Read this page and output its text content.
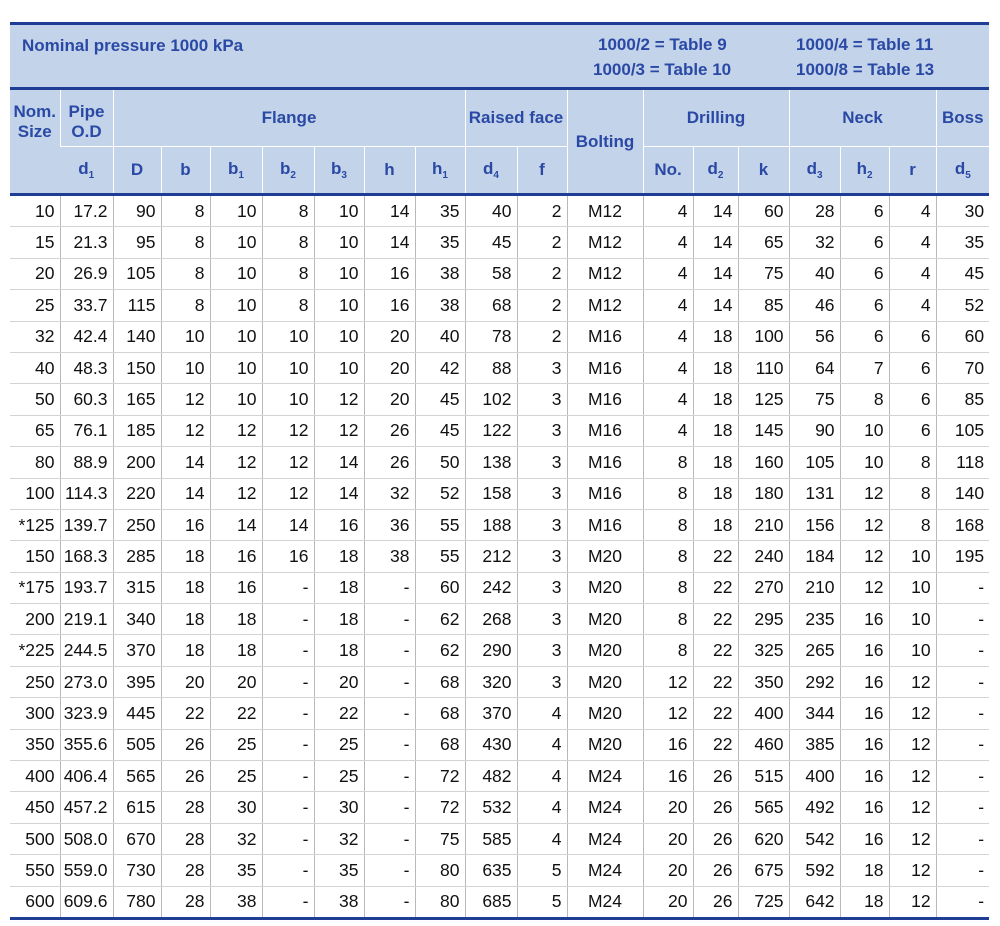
Nominal pressure 1000 kPa	1000/2 = Table 9
1000/3 = Table 10
1000/4 = Table 11
1000/8 = Table 13
Nom. Size	Pipe O.D	Flange							Raised face		Bolting	Drilling			Neck			Boss
	$d_1$	D	b	$b_1$	$b_2$	$b_3$	h	$h_1$	$d_4$	f		No.	$d_2$	k	$d_3$	$h_2$	r	$d_5$
10	17.2	90	8	10	8	10	14	35	40	2	M12	4	14	60	28	6	4	30
15	21.3	95	8	10	8	10	14	35	45	2	M12	4	14	65	32	6	4	35
20	26.9	105	8	10	8	10	16	38	58	2	M12	4	14	75	40	6	4	45
25	33.7	115	8	10	8	10	16	38	68	2	M12	4	14	85	46	6	4	52
32	42.4	140	10	10	10	10	20	40	78	2	M16	4	18	100	56	6	6	60
40	48.3	150	10	10	10	10	20	42	88	3	M16	4	18	110	64	7	6	70
50	60.3	165	12	10	10	12	20	45	102	3	M16	4	18	125	75	8	6	85
65	76.1	185	12	12	12	12	26	45	122	3	M16	4	18	145	90	10	6	105
80	88.9	200	14	12	12	14	26	50	138	3	M16	8	18	160	105	10	8	118
100	114.3	220	14	12	12	14	32	52	158	3	M16	8	18	180	131	12	8	140
*125	139.7	250	16	14	14	16	36	55	188	3	M16	8	18	210	156	12	8	168
150	168.3	285	18	16	16	18	38	55	212	3	M20	8	22	240	184	12	10	195
*175	193.7	315	18	16	-	18	-	60	242	3	M20	8	22	270	210	12	10	-
200	219.1	340	18	18	-	18	-	62	268	3	M20	8	22	295	235	16	10	-
*225	244.5	370	18	18	-	18	-	62	290	3	M20	8	22	325	265	16	10	-
250	273.0	395	20	20	-	20	-	68	320	3	M20	12	22	350	292	16	12	-
300	323.9	445	22	22	-	22	-	68	370	4	M20	12	22	400	344	16	12	-
350	355.6	505	26	25	-	25	-	68	430	4	M20	16	22	460	385	16	12	-
400	406.4	565	26	25	-	25	-	72	482	4	M24	16	26	515	400	16	12	-
450	457.2	615	28	30	-	30	-	72	532	4	M24	20	26	565	492	16	12	-
500	508.0	670	28	32	-	32	-	75	585	4	M24	20	26	620	542	16	12	-
550	559.0	730	28	35	-	35	-	80	635	5	M24	20	26	675	592	18	12	-
600	609.6	780	28	38	-	38	-	80	685	5	M24	20	26	725	642	18	12	-
